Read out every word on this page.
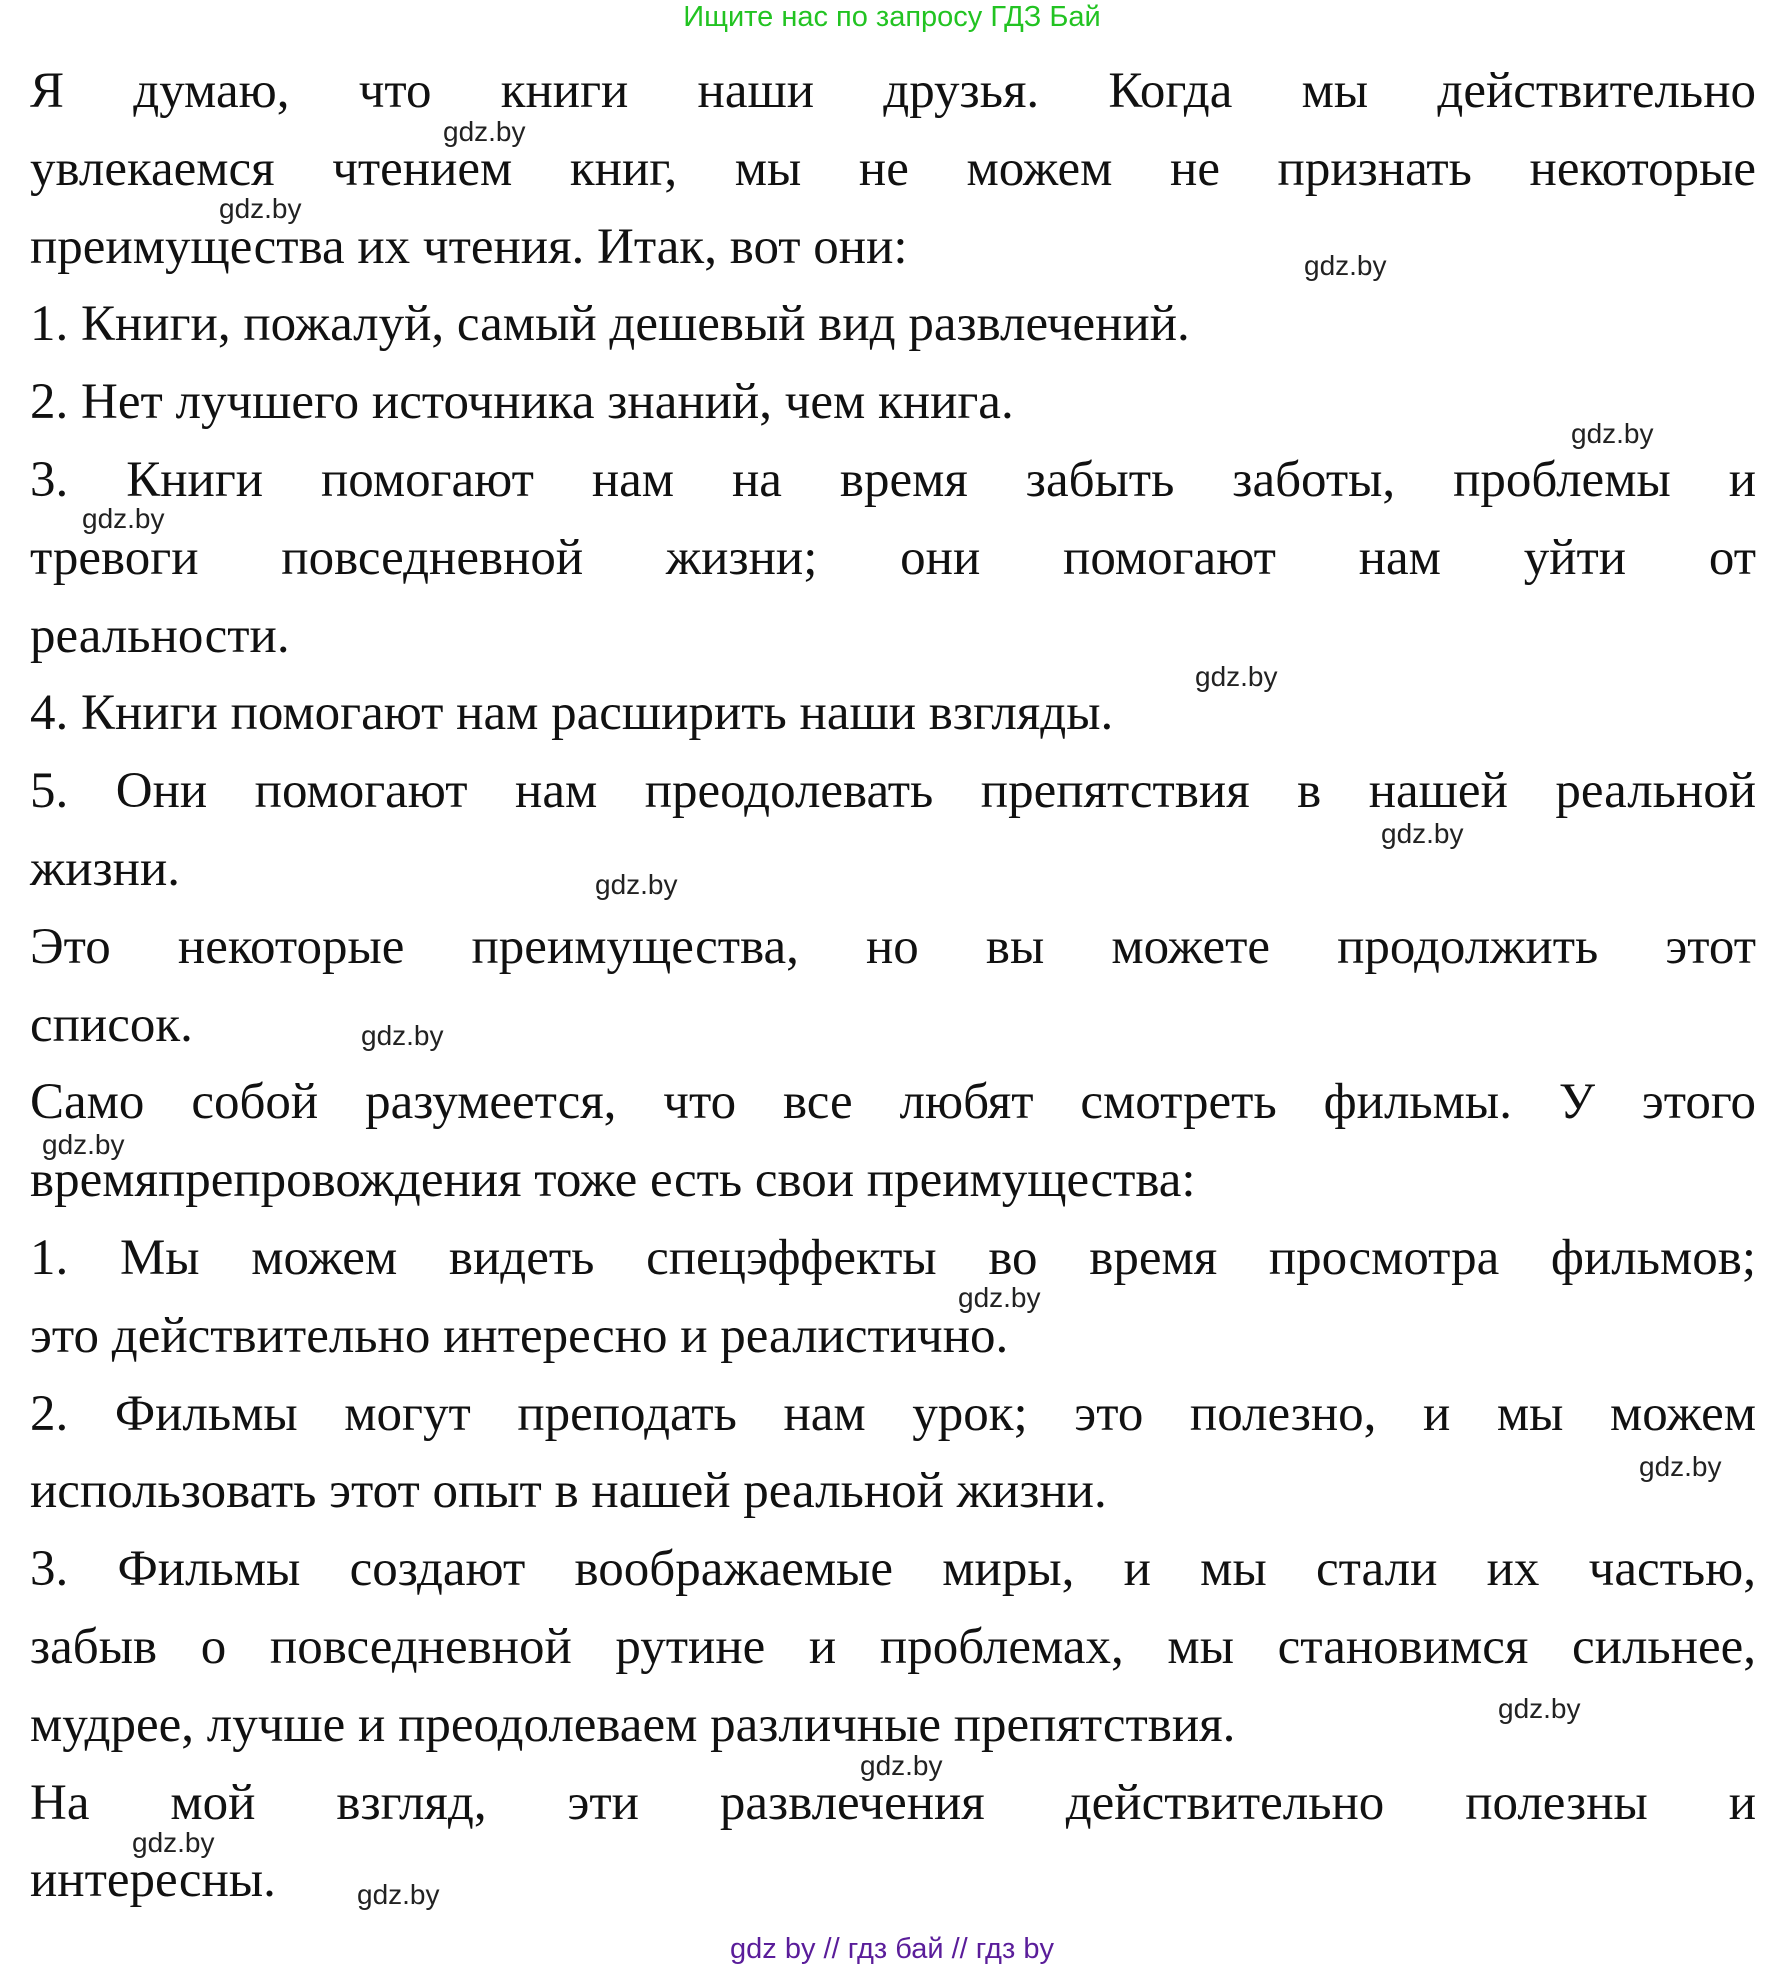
Ищите нас по запросу ГДЗ Бай
Я думаю, что книги наши друзья. Когда мы действительно
увлекаемся чтением книг, мы не можем не признать некоторые
преимущества их чтения. Итак, вот они:
1. Книги, пожалуй, самый дешевый вид развлечений.
2. Нет лучшего источника знаний, чем книга.
3. Книги помогают нам на время забыть заботы, проблемы и
тревоги повседневной жизни; они помогают нам уйти от
реальности.
4. Книги помогают нам расширить наши взгляды.
5. Они помогают нам преодолевать препятствия в нашей реальной
жизни.
Это некоторые преимущества, но вы можете продолжить этот
список.
Само собой разумеется, что все любят смотреть фильмы. У этого
времяпрепровождения тоже есть свои преимущества:
1. Мы можем видеть спецэффекты во время просмотра фильмов;
это действительно интересно и реалистично.
2. Фильмы могут преподать нам урок; это полезно, и мы можем
использовать этот опыт в нашей реальной жизни.
3. Фильмы создают воображаемые миры, и мы стали их частью,
забыв о повседневной рутине и проблемах, мы становимся сильнее,
мудрее, лучше и преодолеваем различные препятствия.
На мой взгляд, эти развлечения действительно полезны и
интересны.
gdz.by
gdz.by
gdz.by
gdz.by
gdz.by
gdz.by
gdz.by
gdz.by
gdz.by
gdz.by
gdz.by
gdz.by
gdz.by
gdz.by
gdz.by
gdz.by
gdz by // гдз бай // гдз by
